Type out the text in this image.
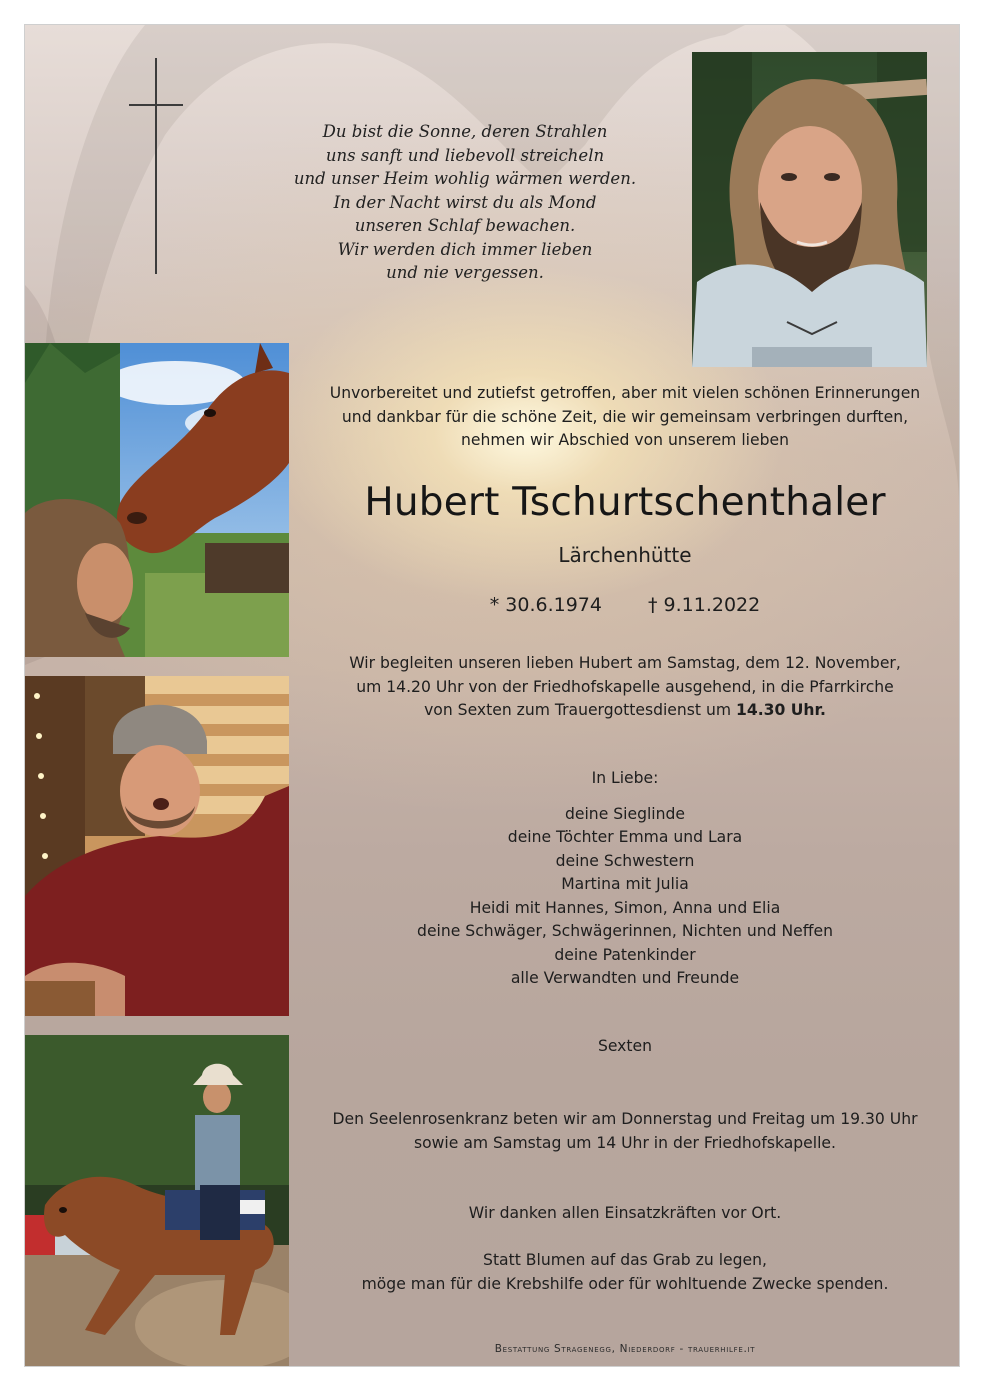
Du bist die Sonne, deren Strahlen
uns sanft und liebevoll streicheln
und unser Heim wohlig wärmen werden.
In der Nacht wirst du als Mond
unseren Schlaf bewachen.
Wir werden dich immer lieben
und nie vergessen.
Unvorbereitet und zutiefst getroffen, aber mit vielen schönen Erinnerungen
und dankbar für die schöne Zeit, die wir gemeinsam verbringen durften,
nehmen wir Abschied von unserem lieben
Hubert Tschurtschenthaler
Lärchenhütte
* 30.6.1974 † 9.11.2022
Wir begleiten unseren lieben Hubert am Samstag, dem 12. November,
um 14.20 Uhr von der Friedhofskapelle ausgehend, in die Pfarrkirche
von Sexten zum Trauergottesdienst um 14.30 Uhr.
In Liebe:
deine Sieglinde
deine Töchter Emma und Lara
deine Schwestern
Martina mit Julia
Heidi mit Hannes, Simon, Anna und Elia
deine Schwäger, Schwägerinnen, Nichten und Neffen
deine Patenkinder
alle Verwandten und Freunde
Sexten
Den Seelenrosenkranz beten wir am Donnerstag und Freitag um 19.30 Uhr
sowie am Samstag um 14 Uhr in der Friedhofskapelle.
Wir danken allen Einsatzkräften vor Ort.
Statt Blumen auf das Grab zu legen,
möge man für die Krebshilfe oder für wohltuende Zwecke spenden.
Bestattung Stragenegg, Niederdorf - trauerhilfe.it
